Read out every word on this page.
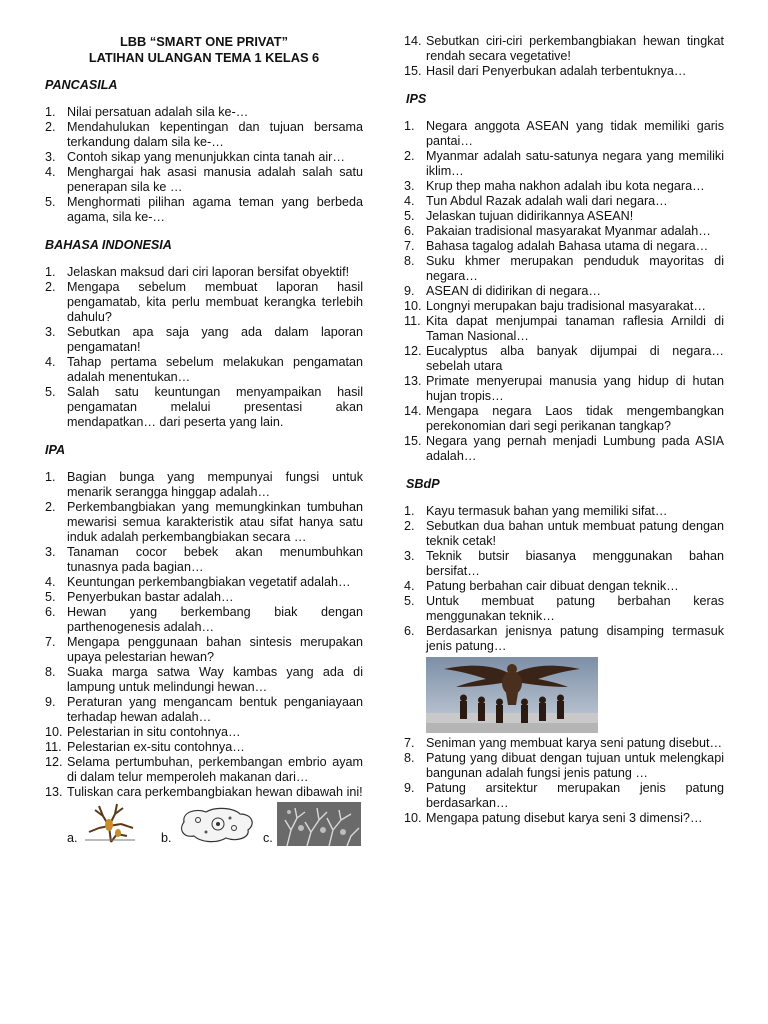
LBB “SMART ONE PRIVAT”
LATIHAN ULANGAN TEMA 1 KELAS 6
PANCASILA
1. Nilai persatuan adalah sila ke-…
2. Mendahulukan kepentingan dan tujuan bersama terkandung dalam sila ke-…
3. Contoh sikap yang menunjukkan cinta tanah air…
4. Menghargai hak asasi manusia adalah salah satu penerapan sila ke …
5. Menghormati pilihan agama teman yang berbeda agama, sila ke-…
BAHASA INDONESIA
1. Jelaskan maksud dari ciri laporan bersifat obyektif!
2. Mengapa sebelum membuat laporan hasil pengamatab, kita perlu membuat kerangka terlebih dahulu?
3. Sebutkan apa saja yang ada dalam laporan pengamatan!
4. Tahap pertama sebelum melakukan pengamatan adalah menentukan…
5. Salah satu keuntungan menyampaikan hasil pengamatan melalui presentasi akan mendapatkan… dari peserta yang lain.
IPA
1. Bagian bunga yang mempunyai fungsi untuk menarik serangga hinggap adalah…
2. Perkembangbiakan yang memungkinkan tumbuhan mewarisi semua karakteristik atau sifat hanya satu induk adalah perkembangbiakan secara …
3. Tanaman cocor bebek akan menumbuhkan tunasnya pada bagian…
4. Keuntungan perkembangbiakan vegetatif adalah…
5. Penyerbukan bastar adalah…
6. Hewan yang berkembang biak dengan parthenogenesis adalah…
7. Mengapa penggunaan bahan sintesis merupakan upaya pelestarian hewan?
8. Suaka marga satwa Way kambas yang ada di lampung untuk melindungi hewan…
9. Peraturan yang mengancam bentuk penganiayaan terhadap hewan adalah…
10. Pelestarian in situ contohnya…
11. Pelestarian ex-situ contohnya…
12. Selama pertumbuhan, perkembangan embrio ayam di dalam telur memperoleh makanan dari…
13. Tuliskan cara perkembangbiakan hewan dibawah ini!
a.	b.	c.
14. Sebutkan ciri-ciri perkembangbiakan hewan tingkat rendah secara vegetative!
15. Hasil dari Penyerbukan adalah terbentuknya…
IPS
1. Negara anggota ASEAN yang tidak memiliki garis pantai…
2. Myanmar adalah satu-satunya negara yang memiliki iklim…
3. Krup thep maha nakhon adalah ibu kota negara…
4. Tun Abdul Razak adalah wali dari negara…
5. Jelaskan tujuan didirikannya ASEAN!
6. Pakaian tradisional masyarakat Myanmar adalah…
7. Bahasa tagalog adalah Bahasa utama di negara…
8. Suku khmer merupakan penduduk mayoritas di negara…
9. ASEAN di didirikan di negara…
10. Longnyi merupakan baju tradisional masyarakat…
11. Kita dapat menjumpai tanaman raflesia Arnildi di Taman Nasional…
12. Eucalyptus alba banyak dijumpai di negara… sebelah utara
13. Primate menyerupai manusia yang hidup di hutan hujan tropis…
14. Mengapa negara Laos tidak mengembangkan perekonomian dari segi perikanan tangkap?
15. Negara yang pernah menjadi Lumbung pada ASIA adalah…
SBdP
1. Kayu termasuk bahan yang memiliki sifat…
2. Sebutkan dua bahan untuk membuat patung dengan teknik cetak!
3. Teknik butsir biasanya menggunakan bahan bersifat…
4. Patung berbahan cair dibuat dengan teknik…
5. Untuk membuat patung berbahan keras menggunakan teknik…
6. Berdasarkan jenisnya patung disamping termasuk jenis patung…
7. Seniman yang membuat karya seni patung disebut…
8. Patung yang dibuat dengan tujuan untuk melengkapi bangunan adalah fungsi jenis patung …
9. Patung arsitektur merupakan jenis patung berdasarkan…
10. Mengapa patung disebut karya seni 3 dimensi?…
